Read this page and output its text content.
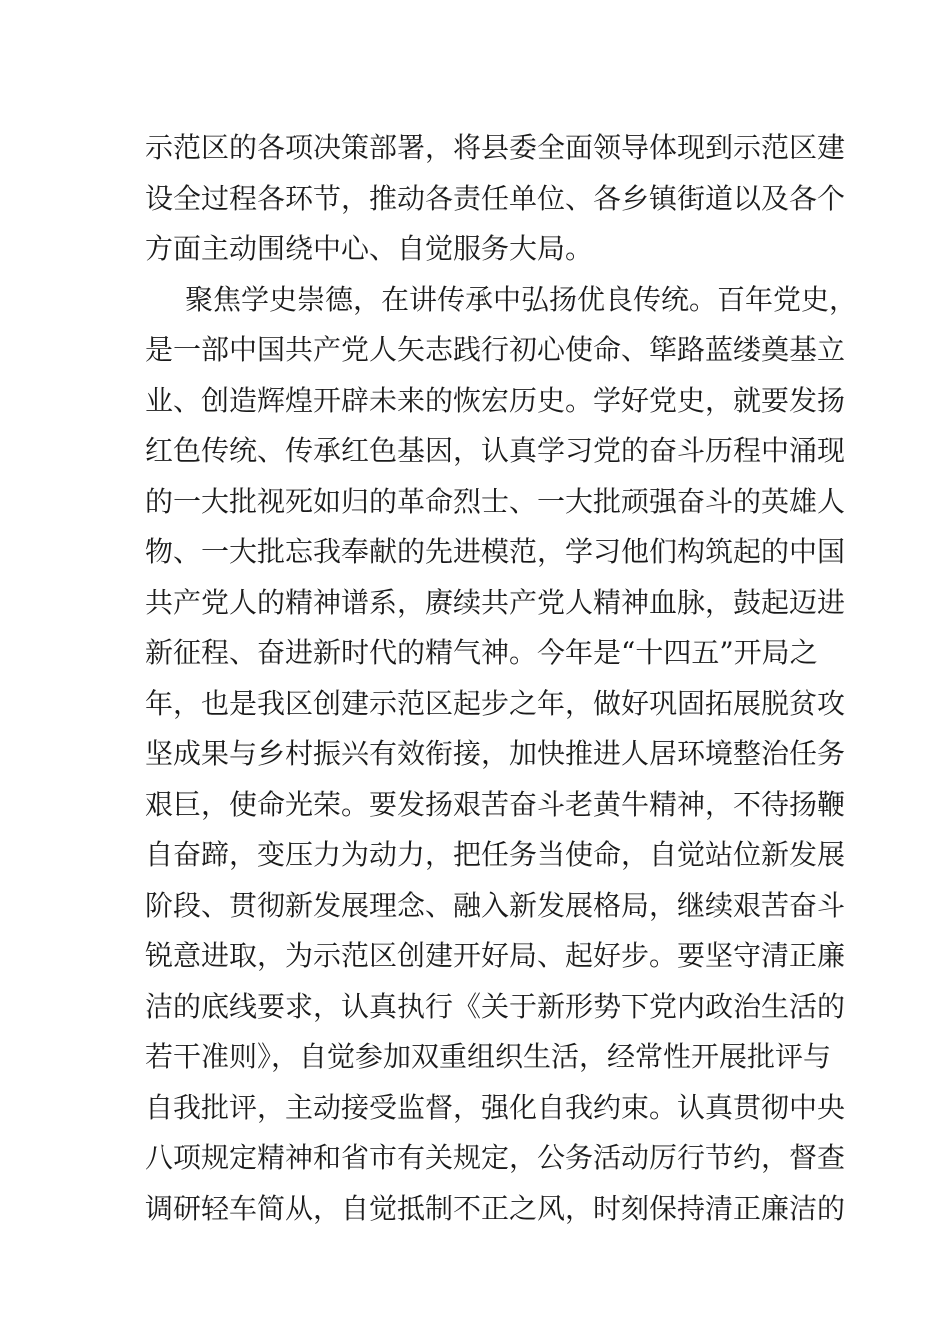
示范区的各项决策部署，将县委全面领导体现到示范区建
设全过程各环节，推动各责任单位、各乡镇街道以及各个
方面主动围绕中心、自觉服务大局。
聚焦学史崇德，在讲传承中弘扬优良传统。百年党史，
是一部中国共产党人矢志践行初心使命、筚路蓝缕奠基立
业、创造辉煌开辟未来的恢宏历史。学好党史，就要发扬
红色传统、传承红色基因，认真学习党的奋斗历程中涌现
的一大批视死如归的革命烈士、一大批顽强奋斗的英雄人
物、一大批忘我奉献的先进模范，学习他们构筑起的中国
共产党人的精神谱系，赓续共产党人精神血脉，鼓起迈进
新征程、奋进新时代的精气神。今年是“十四五”开局之
年，也是我区创建示范区起步之年，做好巩固拓展脱贫攻
坚成果与乡村振兴有效衔接，加快推进人居环境整治任务
艰巨，使命光荣。要发扬艰苦奋斗老黄牛精神，不待扬鞭
自奋蹄，变压力为动力，把任务当使命，自觉站位新发展
阶段、贯彻新发展理念、融入新发展格局，继续艰苦奋斗
锐意进取，为示范区创建开好局、起好步。要坚守清正廉
洁的底线要求，认真执行《关于新形势下党内政治生活的
若干准则》，自觉参加双重组织生活，经常性开展批评与
自我批评，主动接受监督，强化自我约束。认真贯彻中央
八项规定精神和省市有关规定，公务活动厉行节约，督查
调研轻车简从，自觉抵制不正之风，时刻保持清正廉洁的
